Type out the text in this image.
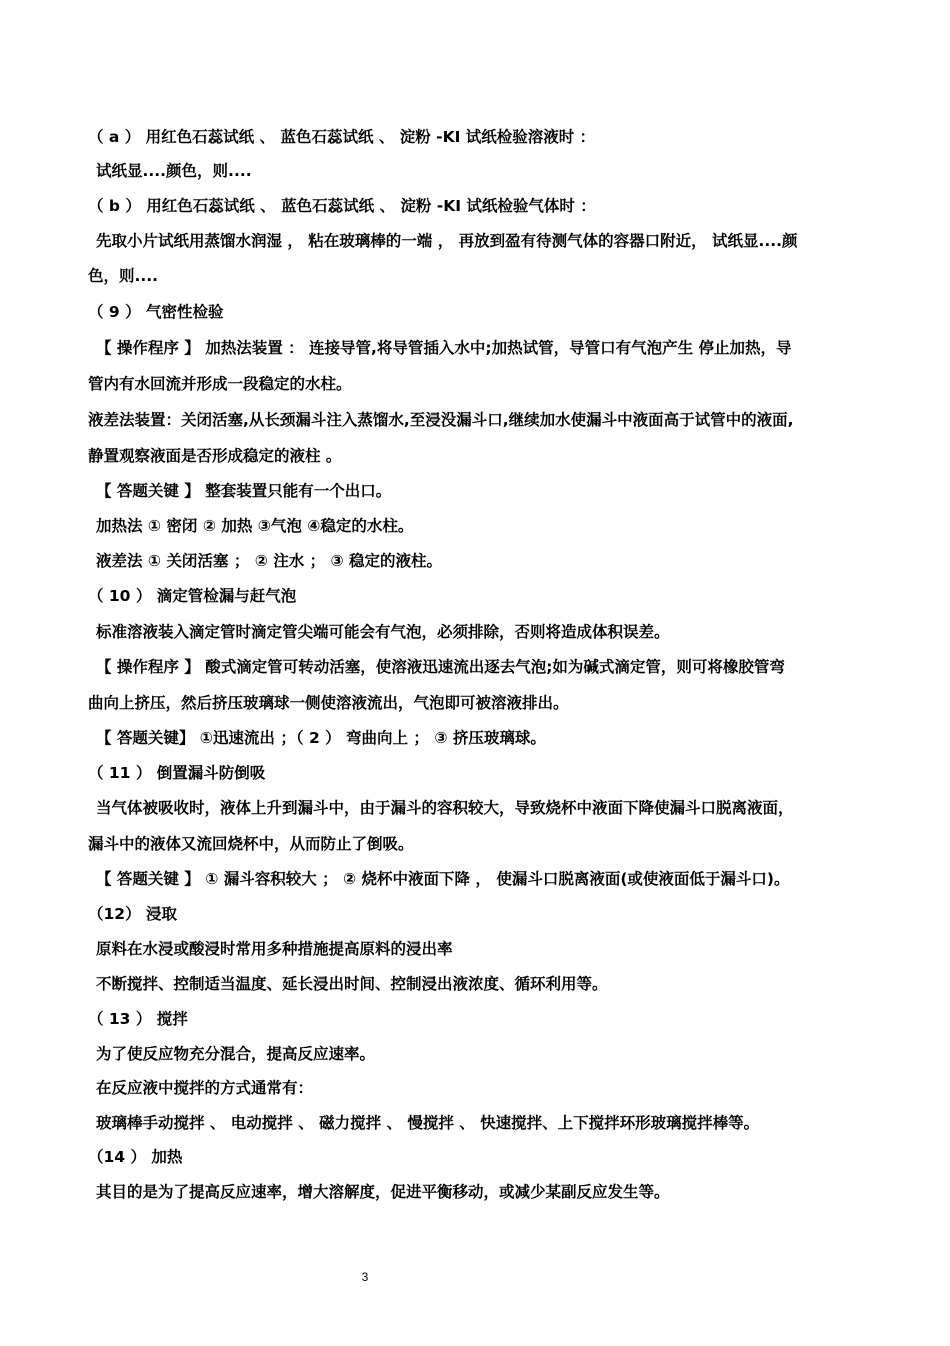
（ a ） 用红色石蕊试纸 、 蓝色石蕊试纸 、 淀粉 -KI 试纸检验溶液时 ：
试纸显....颜色，则....
（ b ） 用红色石蕊试纸 、 蓝色石蕊试纸 、 淀粉 -KI 试纸检验气体时 ：
先取小片试纸用蒸馏水润湿 ， 粘在玻璃棒的一端 ， 再放到盈有待测气体的容器口附近， 试纸显....颜
色，则....
（ 9 ） 气密性检验
【 操作程序 】 加热法装置 ： 连接导管,将导管插入水中;加热试管，导管口有气泡产生 停止加热，导
管内有水回流并形成一段稳定的水柱。
液差法装置：关闭活塞,从长颈漏斗注入蒸馏水,至浸没漏斗口,继续加水使漏斗中液面高于试管中的液面,
静置观察液面是否形成稳定的液柱 。
【 答题关键 】 整套装置只能有一个出口。
加热法 ① 密闭 ② 加热 ③气泡 ④稳定的水柱。
液差法 ① 关闭活塞 ； ② 注水 ； ③ 稳定的液柱。
（ 10 ） 滴定管检漏与赶气泡
标准溶液装入滴定管时滴定管尖端可能会有气泡，必须排除，否则将造成体积误差。
【 操作程序 】 酸式滴定管可转动活塞，使溶液迅速流出逐去气泡;如为碱式滴定管，则可将橡胶管弯
曲向上挤压，然后挤压玻璃球一侧使溶液流出，气泡即可被溶液排出。
【 答题关键】 ①迅速流出 ；（ 2 ） 弯曲向上 ； ③ 挤压玻璃球。
（ 11 ） 倒置漏斗防倒吸
当气体被吸收时，液体上升到漏斗中，由于漏斗的容积较大，导致烧杯中液面下降使漏斗口脱离液面，
漏斗中的液体又流回烧杯中，从而防止了倒吸。
【 答题关键 】 ① 漏斗容积较大 ； ② 烧杯中液面下降 ， 使漏斗口脱离液面(或使液面低于漏斗口)。
（12） 浸取
原料在水浸或酸浸时常用多种措施提高原料的浸出率
不断搅拌、控制适当温度、延长浸出时间、控制浸出液浓度、循环利用等。
（ 13 ） 搅拌
为了使反应物充分混合，提高反应速率。
在反应液中搅拌的方式通常有：
玻璃棒手动搅拌 、 电动搅拌 、 磁力搅拌 、 慢搅拌 、 快速搅拌、上下搅拌环形玻璃搅拌棒等。
（14 ） 加热
其目的是为了提高反应速率，增大溶解度，促进平衡移动，或减少某副反应发生等。
3
